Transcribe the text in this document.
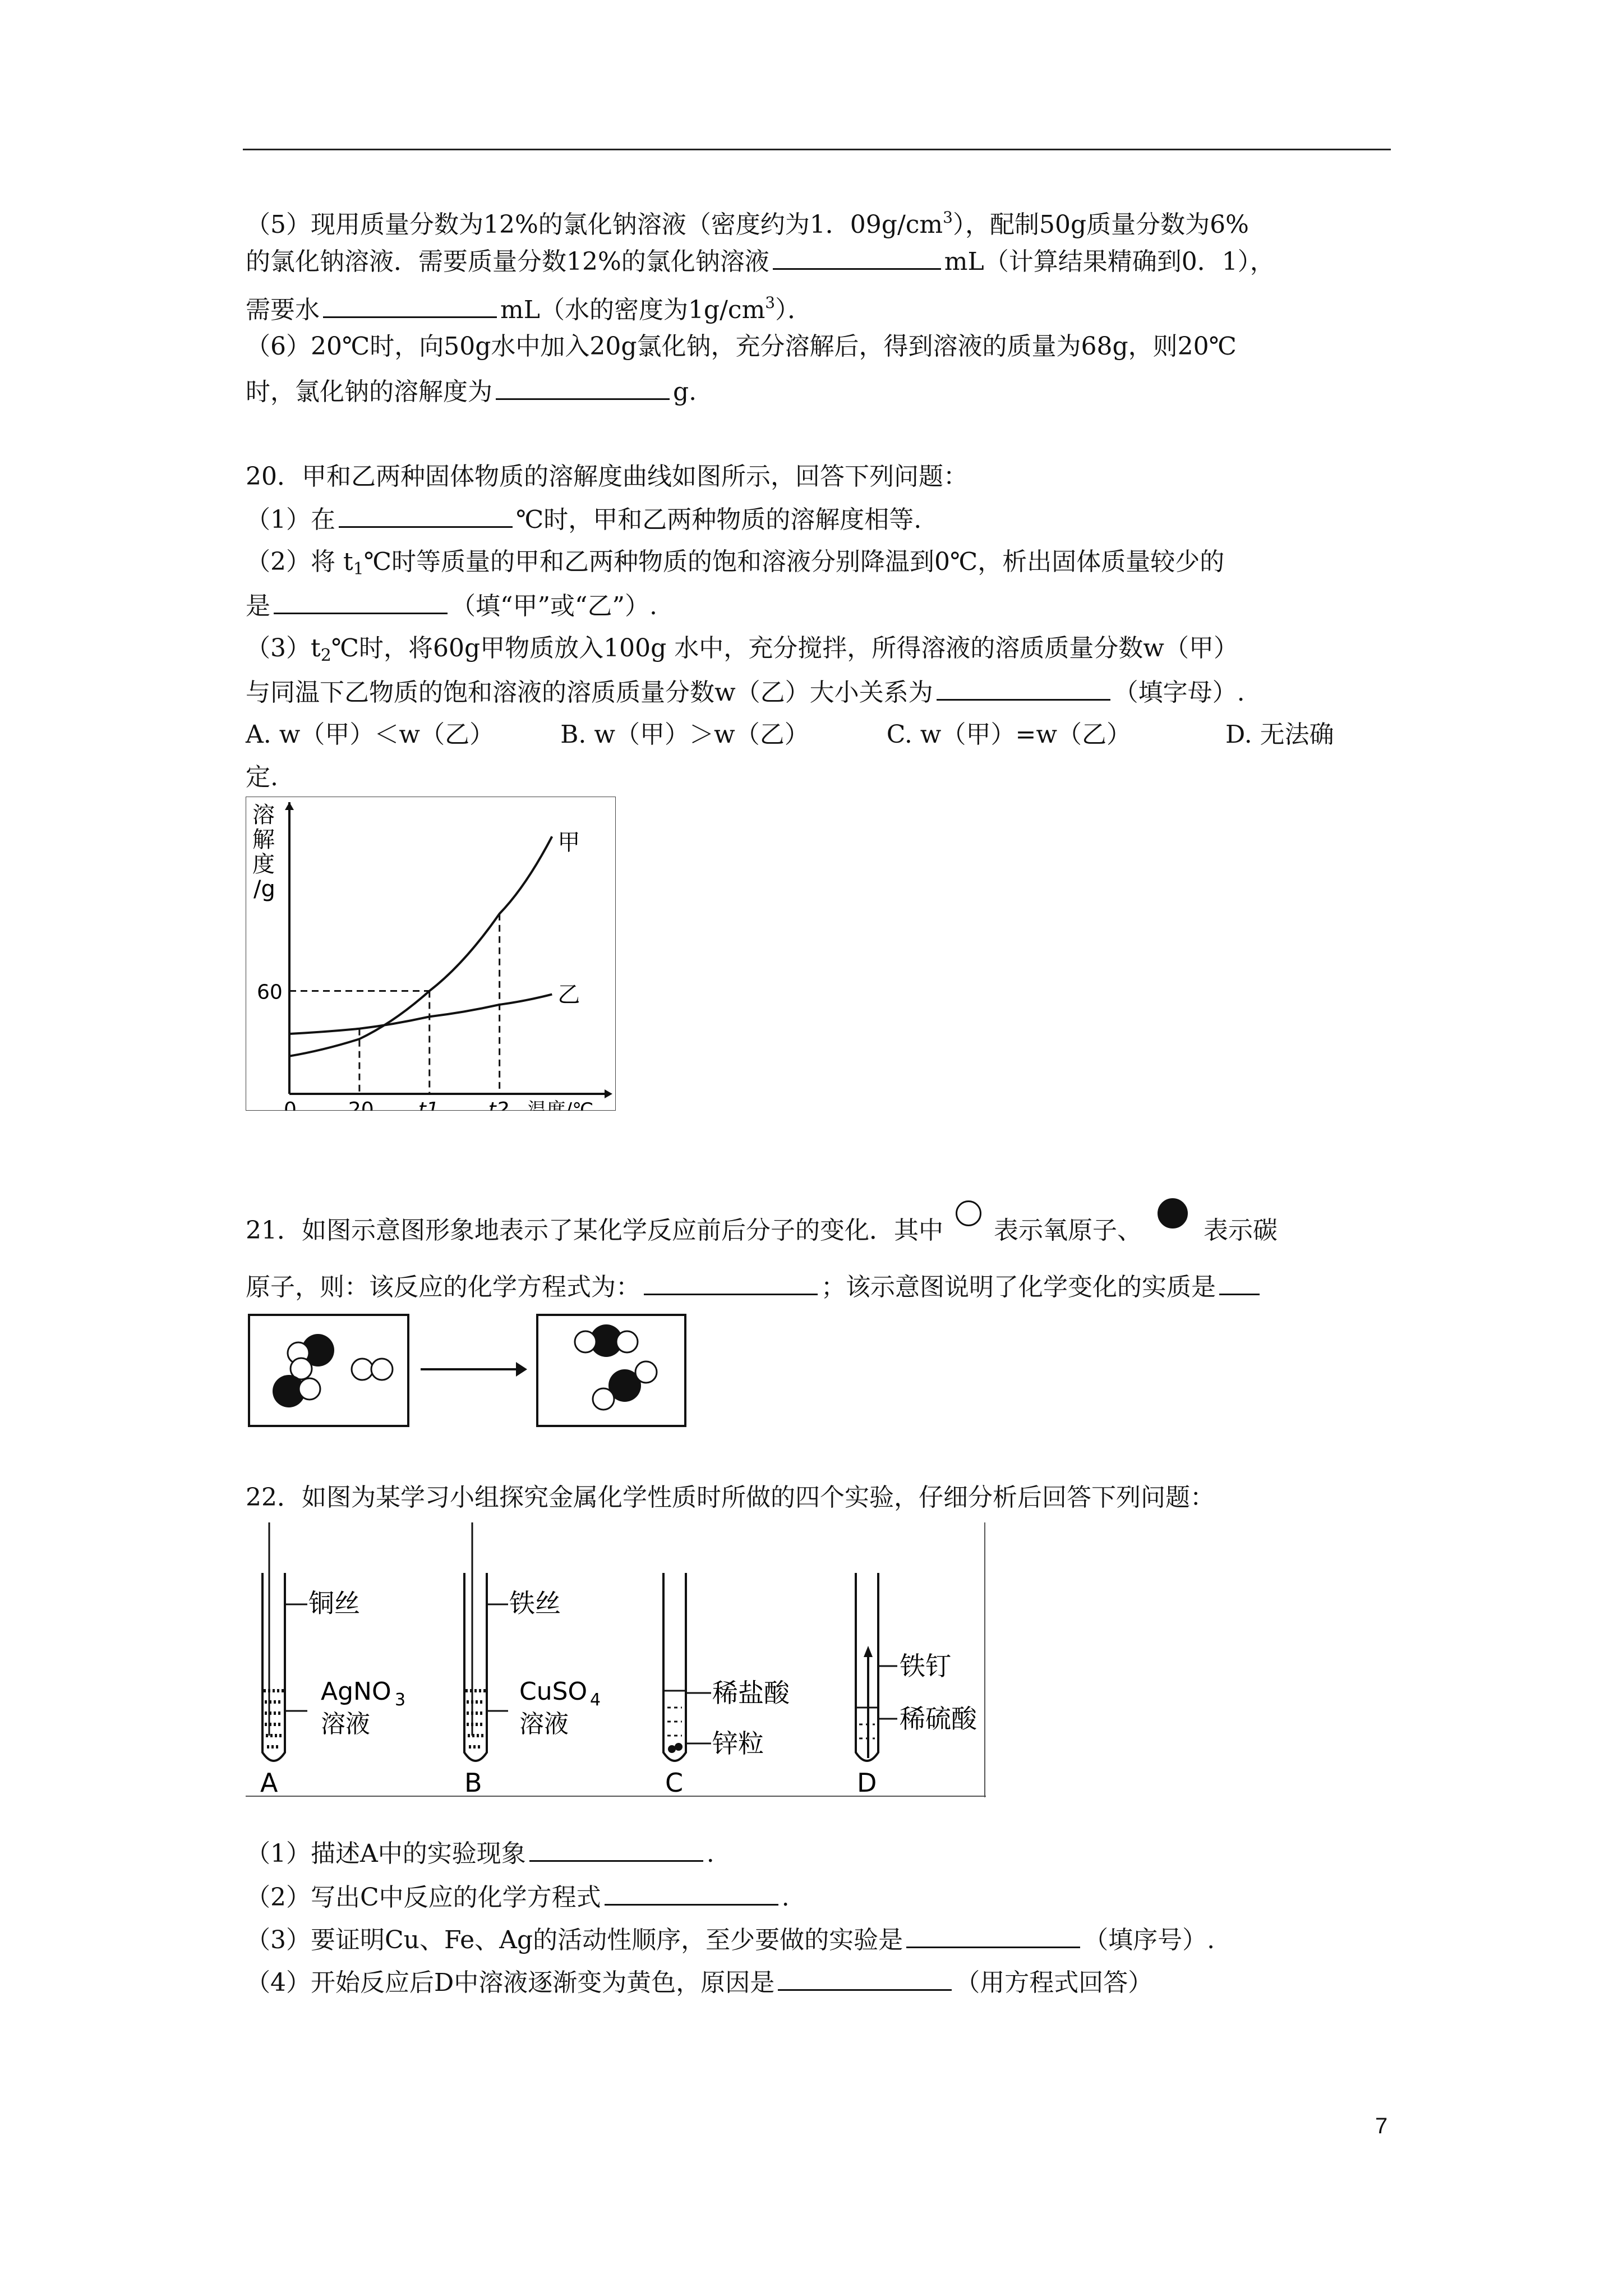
（5）现用质量分数为12%的氯化钠溶液（密度约为1．$09g/cm^3$），配制50g质量分数为6%
的氯化钠溶液．需要质量分数12%的氯化钠溶液	mL（计算结果精确到0．1），
需要水	mL（水的密度为$1g/cm^3$）．
（6）20℃时，向50g水中加入20g氯化钠，充分溶解后，得到溶液的质量为68g，则20℃
时，氯化钠的溶解度为	g.
20．甲和乙两种固体物质的溶解度曲线如图所示，回答下列问题：
（1）在	℃时，甲和乙两种物质的溶解度相等.
（2）将 $t_1℃$时等质量的甲和乙两种物质的饱和溶液分别降温到0℃，析出固体质量较少的
是	（填“甲”或“乙”）.
$(3)t_2℃$时，将60g甲物质放入100g 水中，充分搅拌，所得溶液的溶质质量分数w（甲）
与同温下乙物质的饱和溶液的溶质质量分数w（乙）大小关系为	（填字母）.
A. w（甲）＜w（乙）	B. w（甲）＞w（乙）	C. w（甲）=w（乙）	D. 无法确
定.
溶
解
度
/g
甲
乙
60
0	20 t1 t2 温度/℃
21．如图示意图形象地表示了某化学反应前后分子的变化．其中 表示氧原子、	表示碳
原子，则：该反应的化学方程式为：	；该示意图说明了化学变化的实质是
22．如图为某学习小组探究金属化学性质时所做的四个实验，仔细分析后回答下列问题：
铜丝
AgNO 3
溶液
A
铁丝
CuSO 4
溶液
B
稀盐酸
锌粒
C
铁钉
稀硫酸
D
（1）描述A中的实验现象	.
（2）写出C中反应的化学方程式	.
（3）要证明Cu、Fe、Ag的活动性顺序，至少要做的实验是	（填序号）.
（4）开始反应后D中溶液逐渐变为黄色，原因是	（用方程式回答）
7
